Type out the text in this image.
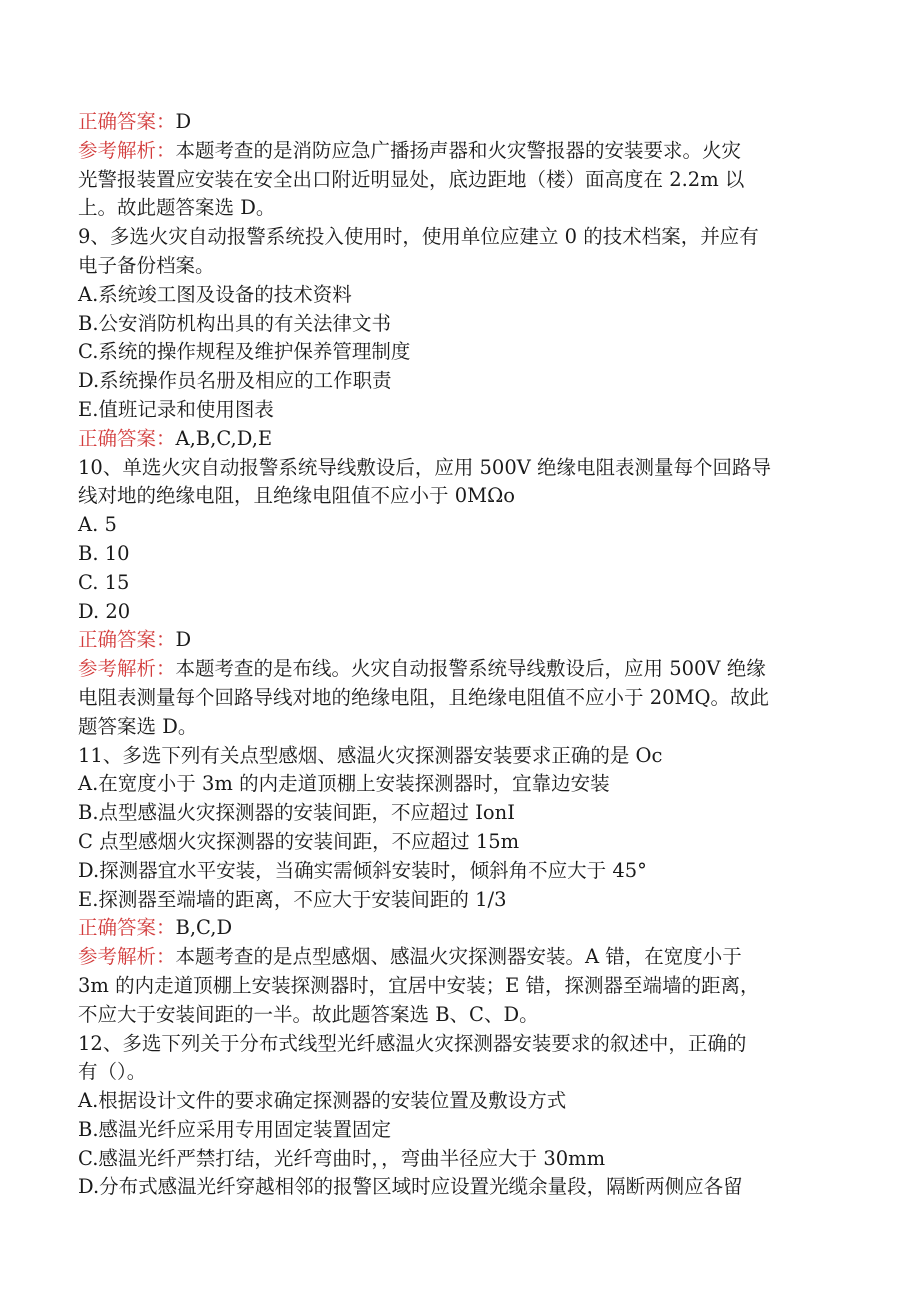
正确答案：D
参考解析：本题考查的是消防应急广播扬声器和火灾警报器的安装要求。火灾
光警报装置应安装在安全出口附近明显处，底边距地（楼）面高度在 2.2m 以
上。故此题答案选 D。
9、多选火灾自动报警系统投入使用时，使用单位应建立 0 的技术档案，并应有
电子备份档案。
A.系统竣工图及设备的技术资料
B.公安消防机构出具的有关法律文书
C.系统的操作规程及维护保养管理制度
D.系统操作员名册及相应的工作职责
E.值班记录和使用图表
正确答案：A,B,C,D,E
10、单选火灾自动报警系统导线敷设后，应用 500V 绝缘电阻表测量每个回路导
线对地的绝缘电阻，且绝缘电阻值不应小于 0MΩo
A. 5
B. 10
C. 15
D. 20
正确答案：D
参考解析：本题考查的是布线。火灾自动报警系统导线敷设后，应用 500V 绝缘
电阻表测量每个回路导线对地的绝缘电阻，且绝缘电阻值不应小于 20MQ。故此
题答案选 D。
11、多选下列有关点型感烟、感温火灾探测器安装要求正确的是 Oc
A.在宽度小于 3m 的内走道顶棚上安装探测器时，宜靠边安装
B.点型感温火灾探测器的安装间距，不应超过 IonI
C 点型感烟火灾探测器的安装间距，不应超过 15m
D.探测器宜水平安装，当确实需倾斜安装时，倾斜角不应大于 45°
E.探测器至端墙的距离，不应大于安装间距的 1/3
正确答案：B,C,D
参考解析：本题考查的是点型感烟、感温火灾探测器安装。A 错，在宽度小于
3m 的内走道顶棚上安装探测器时，宜居中安装；E 错，探测器至端墙的距离，
不应大于安装间距的一半。故此题答案选 B、C、D。
12、多选下列关于分布式线型光纤感温火灾探测器安装要求的叙述中，正确的
有（）。
A.根据设计文件的要求确定探测器的安装位置及敷设方式
B.感温光纤应采用专用固定装置固定
C.感温光纤严禁打结，光纤弯曲时，，弯曲半径应大于 30mm
D.分布式感温光纤穿越相邻的报警区域时应设置光缆余量段，隔断两侧应各留
